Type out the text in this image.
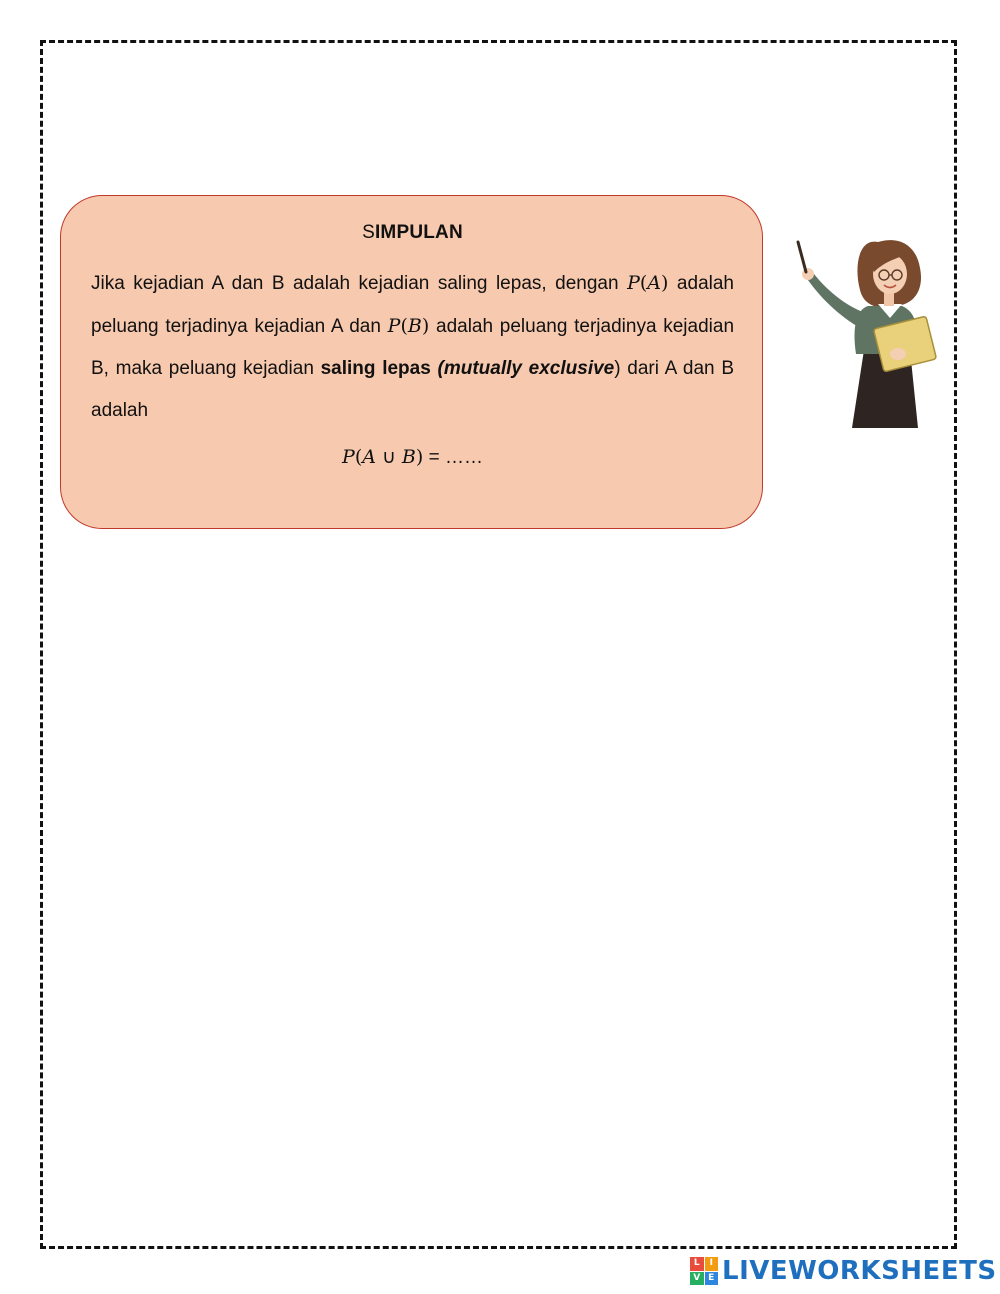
SIMPULAN

Jika kejadian A dan B adalah kejadian saling lepas, dengan P(A) adalah peluang terjadinya kejadian A dan P(B) adalah peluang terjadinya kejadian B, maka peluang kejadian saling lepas (mutually exclusive) dari A dan B adalah

P(A ∪ B) = ……
L	I
V E LIVEWORKSHEETS
